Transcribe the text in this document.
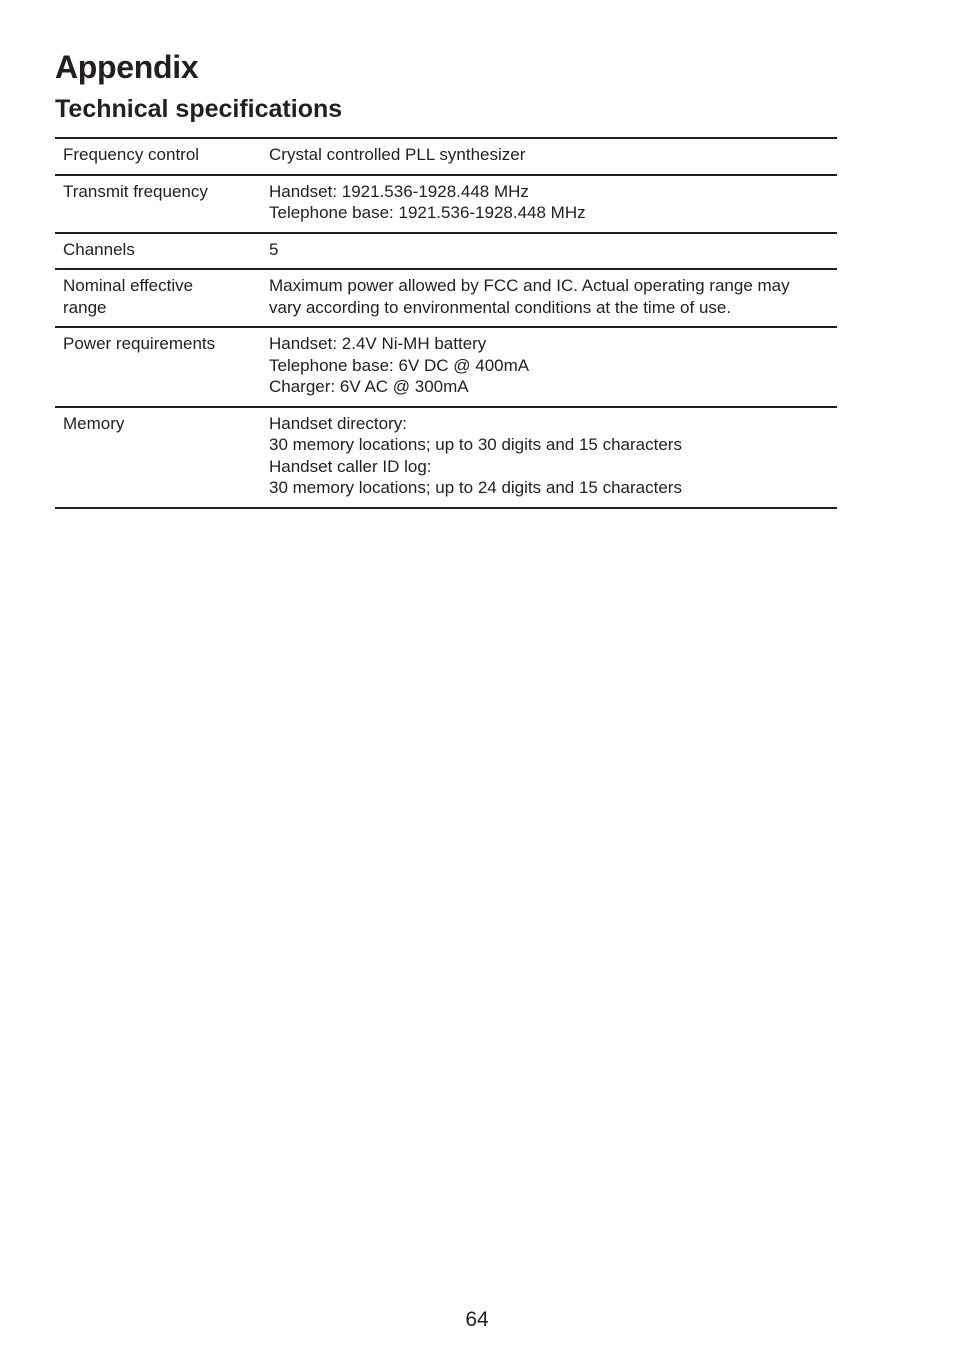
Appendix
Technical specifications
Frequency control	Crystal controlled PLL synthesizer

Transmit frequency	Handset: 1921.536-1928.448 MHz
Telephone base: 1921.536-1928.448 MHz

Channels	5

Nominal effective
range	Maximum power allowed by FCC and IC. Actual operating range may
vary according to environmental conditions at the time of use.

Power requirements	Handset: 2.4V Ni-MH battery
Telephone base: 6V DC @ 400mA
Charger: 6V AC @ 300mA

Memory	Handset directory:
30 memory locations; up to 30 digits and 15 characters
Handset caller ID log:
30 memory locations; up to 24 digits and 15 characters
64
